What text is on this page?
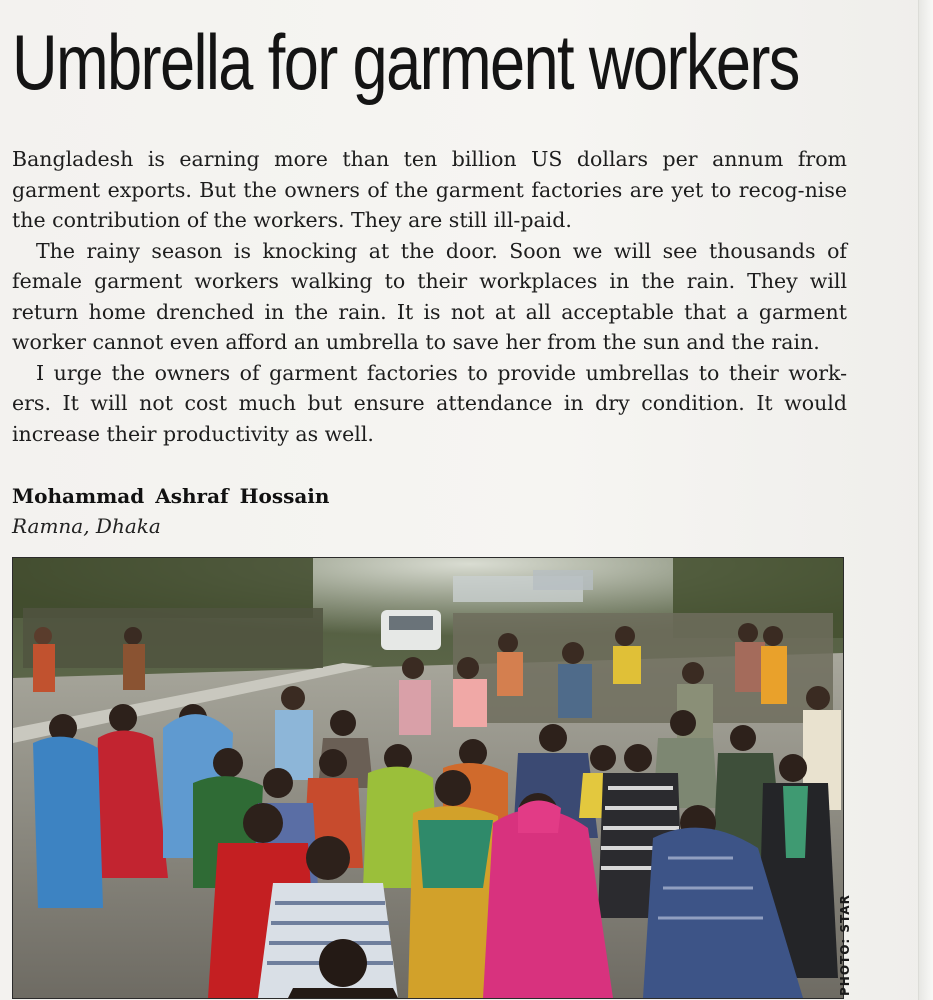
Umbrella for garment workers

Bangladesh is earning more than ten billion US dollars per annum from garment exports. But the owners of the garment factories are yet to recog-nise the contribution of the workers. They are still ill-paid.

The rainy season is knocking at the door. Soon we will see thousands of female garment workers walking to their workplaces in the rain. They will return home drenched in the rain. It is not at all acceptable that a garment worker cannot even afford an umbrella to save her from the sun and the rain.

I urge the owners of garment factories to provide umbrellas to their work-ers. It will not cost much but ensure attendance in dry condition. It would increase their productivity as well.

Mohammad Ashraf Hossain

Ramna, Dhaka

PHOTO: STAR
